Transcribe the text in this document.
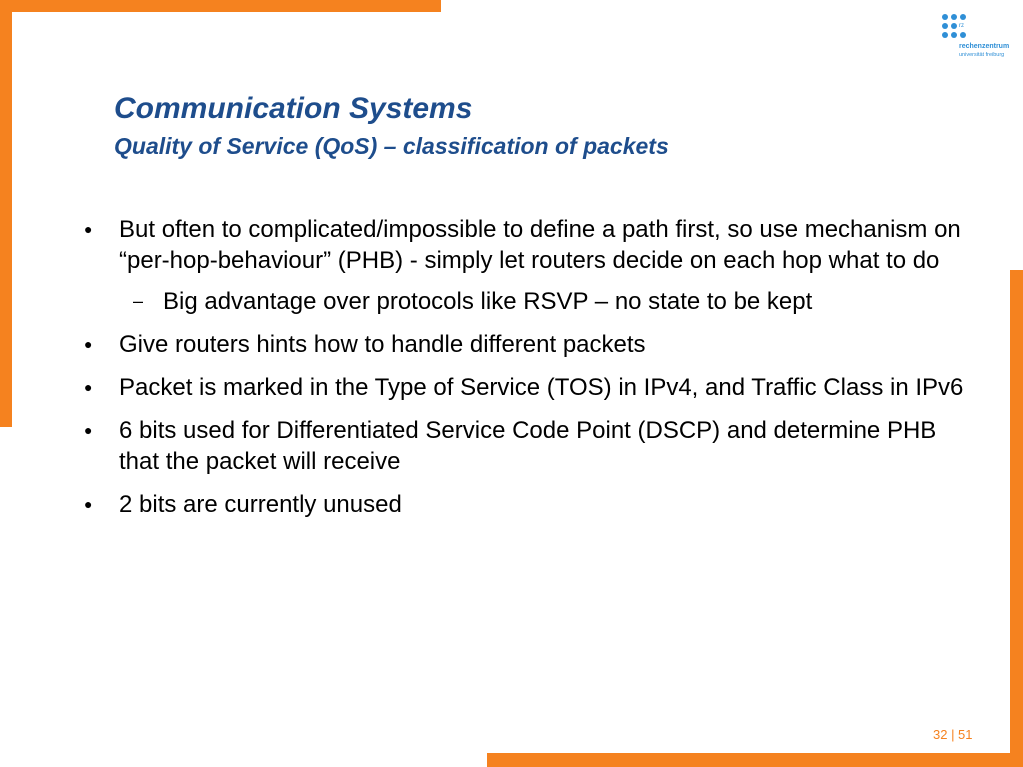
rz
rechenzentrum
universität freiburg
Communication Systems
Quality of Service (QoS) – classification of packets
● But often to complicated/impossible to define a path first, so use mechanism on “per-hop-behaviour” (PHB) - simply let routers decide on each hop what to do
– Big advantage over protocols like RSVP – no state to be kept
● Give routers hints how to handle different packets
● Packet is marked in the Type of Service (TOS) in IPv4, and Traffic Class in IPv6
● 6 bits used for Differentiated Service Code Point (DSCP) and determine PHB that the packet will receive
● 2 bits are currently unused
32 | 51
